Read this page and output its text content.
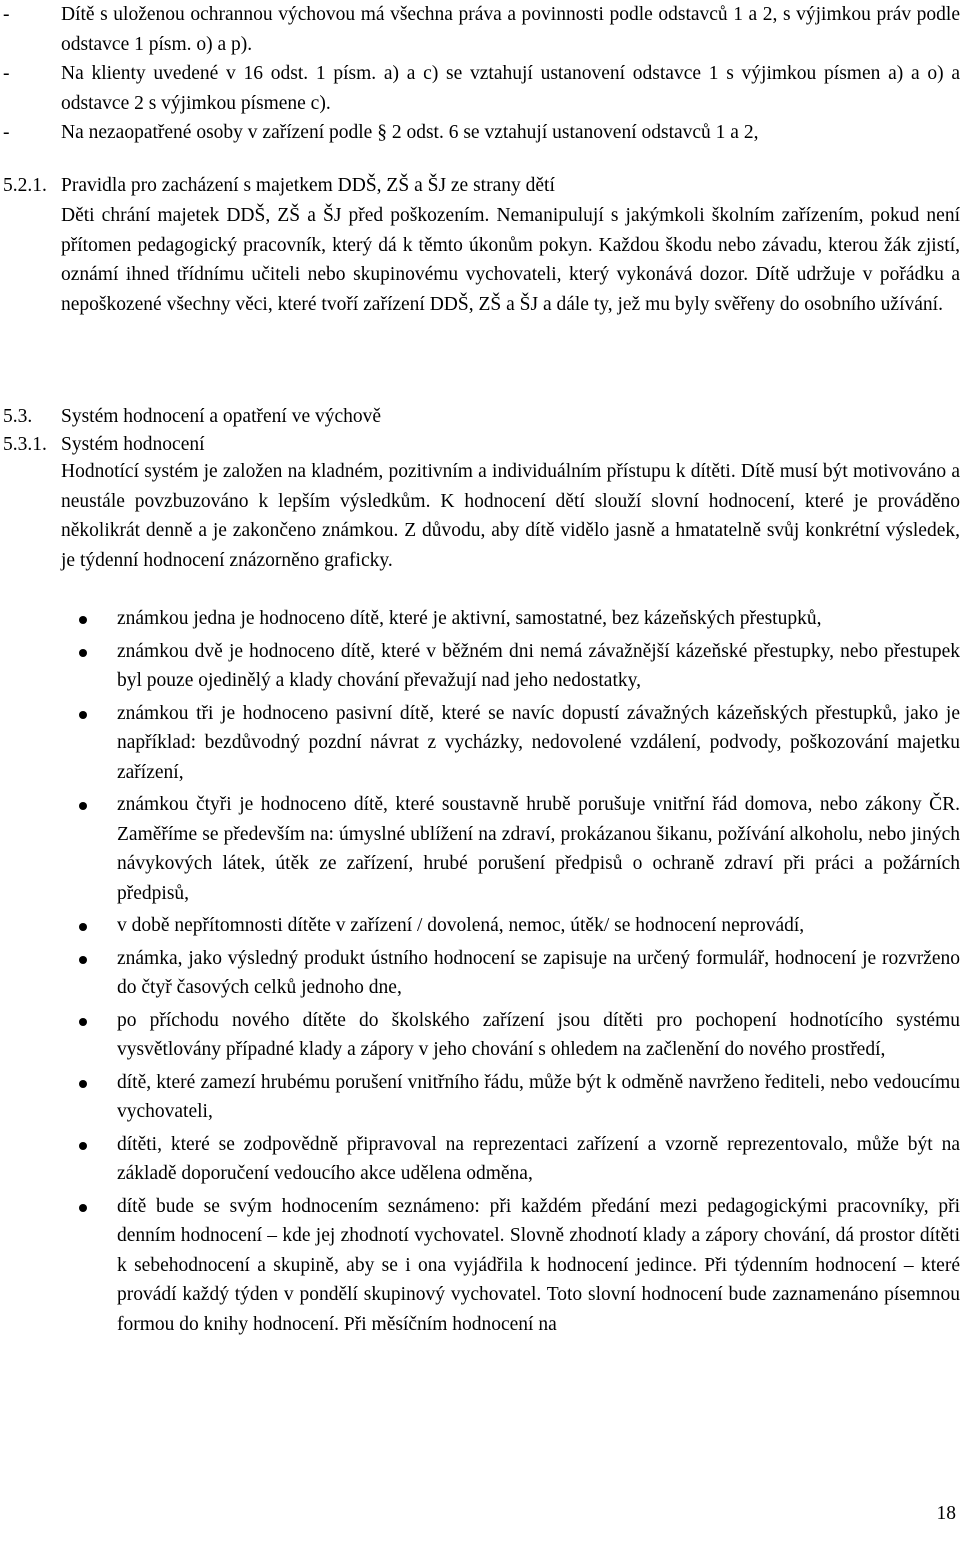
-	Dítě s uloženou ochrannou výchovou má všechna práva a povinnosti podle odstavců 1 a 2, s výjimkou práv podle odstavce 1 písm. o) a p).
-	Na klienty uvedené v 16 odst. 1 písm. a) a c) se vztahují ustanovení odstavce 1 s výjimkou písmen a) a o) a odstavce 2 s výjimkou písmene c).
-	Na nezaopatřené osoby v zařízení podle § 2 odst. 6 se vztahují ustanovení odstavců 1 a 2,
5.2.1. Pravidla pro zacházení s majetkem DDŠ, ZŠ a ŠJ ze strany dětí
Děti chrání majetek DDŠ, ZŠ a ŠJ před poškozením. Nemanipulují s jakýmkoli školním zařízením, pokud není přítomen pedagogický pracovník, který dá k těmto úkonům pokyn. Každou škodu nebo závadu, kterou žák zjistí, oznámí ihned třídnímu učiteli nebo skupinovému vychovateli, který vykonává dozor. Dítě udržuje v pořádku a nepoškozené všechny věci, které tvoří zařízení DDŠ, ZŠ a ŠJ a dále ty, jež mu byly svěřeny do osobního užívání.
5.3. Systém hodnocení a opatření ve výchově
5.3.1. Systém hodnocení
Hodnotící systém je založen na kladném, pozitivním a individuálním přístupu k dítěti. Dítě musí být motivováno a neustále povzbuzováno k lepším výsledkům. K hodnocení dětí slouží slovní hodnocení, které je prováděno několikrát denně a je zakončeno známkou. Z důvodu, aby dítě vidělo jasně a hmatatelně svůj konkrétní výsledek, je týdenní hodnocení znázorněno graficky.
známkou jedna je hodnoceno dítě, které je aktivní, samostatné, bez kázeňských přestupků,
známkou dvě je hodnoceno dítě, které v běžném dni nemá závažnější kázeňské přestupky, nebo přestupek byl pouze ojedinělý a klady chování převažují nad jeho nedostatky,
známkou tři je hodnoceno pasivní dítě, které se navíc dopustí závažných kázeňských přestupků, jako je například: bezdůvodný pozdní návrat z vycházky, nedovolené vzdálení, podvody, poškozování majetku zařízení,
známkou čtyři je hodnoceno dítě, které soustavně hrubě porušuje vnitřní řád domova, nebo zákony ČR. Zaměříme se především na: úmyslné ublížení na zdraví, prokázanou šikanu, požívání alkoholu, nebo jiných návykových látek, útěk ze zařízení, hrubé porušení předpisů o ochraně zdraví při práci a požárních předpisů,
v době nepřítomnosti dítěte v zařízení / dovolená, nemoc, útěk/ se hodnocení neprovádí,
známka, jako výsledný produkt ústního hodnocení se zapisuje na určený formulář, hodnocení je rozvrženo do čtyř časových celků jednoho dne,
po příchodu nového dítěte do školského zařízení jsou dítěti pro pochopení hodnotícího systému vysvětlovány případné klady a zápory v jeho chování s ohledem na začlenění do nového prostředí,
dítě, které zamezí hrubému porušení vnitřního řádu, může být k odměně navrženo řediteli, nebo vedoucímu vychovateli,
dítěti, které se zodpovědně připravoval na reprezentaci zařízení a vzorně reprezentovalo, může být na základě doporučení vedoucího akce udělena odměna,
dítě bude se svým hodnocením seznámeno: při každém předání mezi pedagogickými pracovníky, při denním hodnocení – kde jej zhodnotí vychovatel. Slovně zhodnotí klady a zápory chování, dá prostor dítěti k sebehodnocení a skupině, aby se i ona vyjádřila k hodnocení jedince. Při týdenním hodnocení – které provádí každý týden v pondělí skupinový vychovatel. Toto slovní hodnocení bude zaznamenáno písemnou formou do knihy hodnocení. Při měsíčním hodnocení na
18
